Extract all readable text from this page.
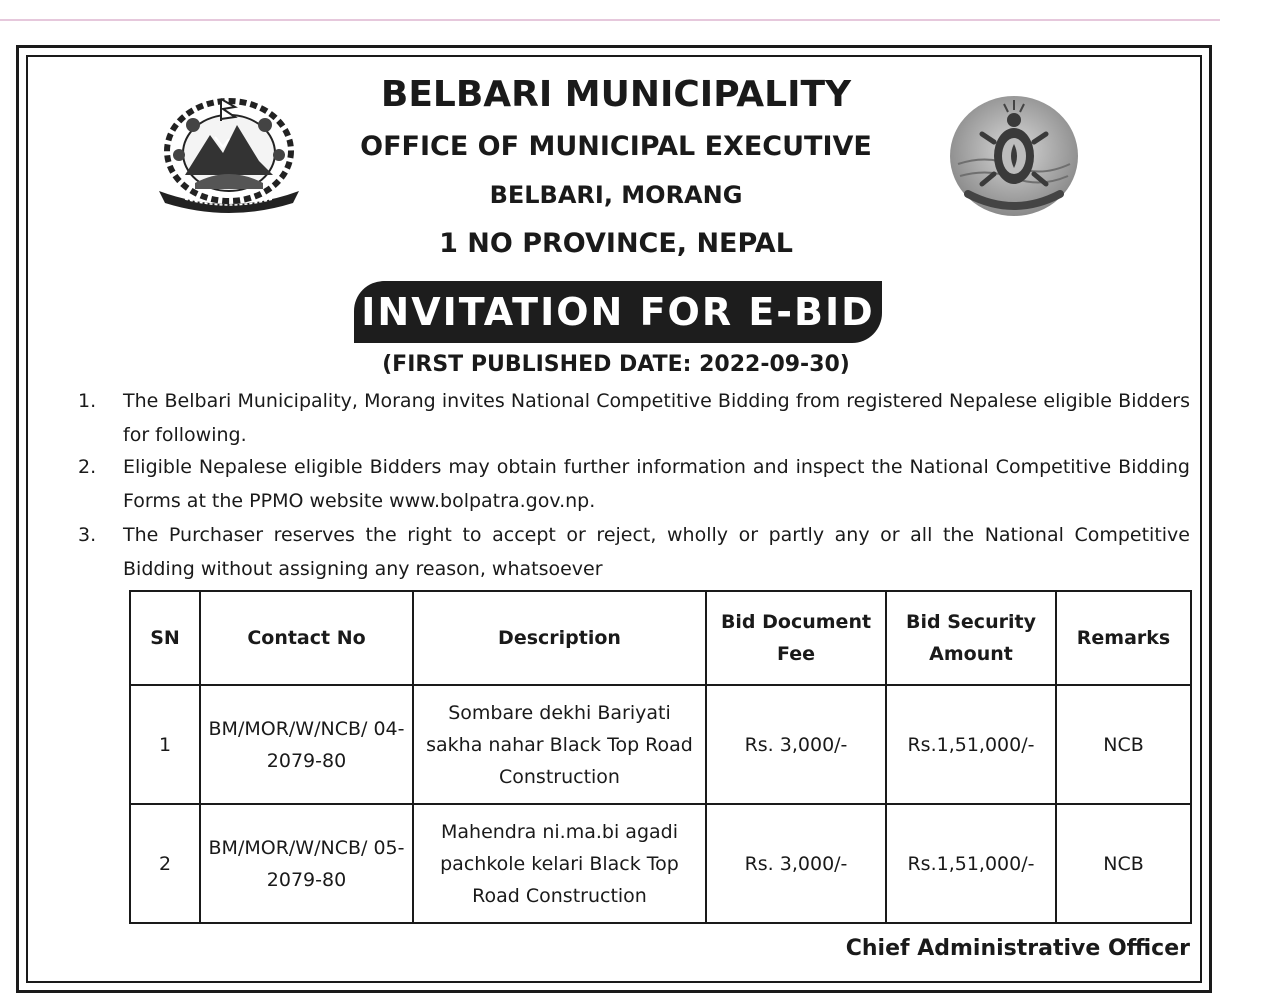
BELBARI MUNICIPALITY
OFFICE OF MUNICIPAL EXECUTIVE
BELBARI, MORANG
1 NO PROVINCE, NEPAL
INVITATION FOR E-BID
(FIRST PUBLISHED DATE: 2022-09-30)
1.	The Belbari Municipality, Morang invites National Competitive Bidding from registered Nepalese eligible Bidders for following.
2.	Eligible Nepalese eligible Bidders may obtain further information and inspect the National Competitive Bidding Forms at the PPMO website www.bolpatra.gov.np.
3.	The Purchaser reserves the right to accept or reject, wholly or partly any or all the National Competitive Bidding without assigning any reason, whatsoever
SN	Contact No	Description	Bid Document Fee	Bid Security Amount	Remarks
1	BM/MOR/W/NCB/ 04-2079-80	Sombare dekhi Bariyati sakha nahar Black Top Road Construction	Rs. 3,000/-	Rs.1,51,000/-	NCB
2	BM/MOR/W/NCB/ 05-2079-80	Mahendra ni.ma.bi agadi pachkole kelari Black Top Road Construction	Rs. 3,000/-	Rs.1,51,000/-	NCB
Chief Administrative Officer
